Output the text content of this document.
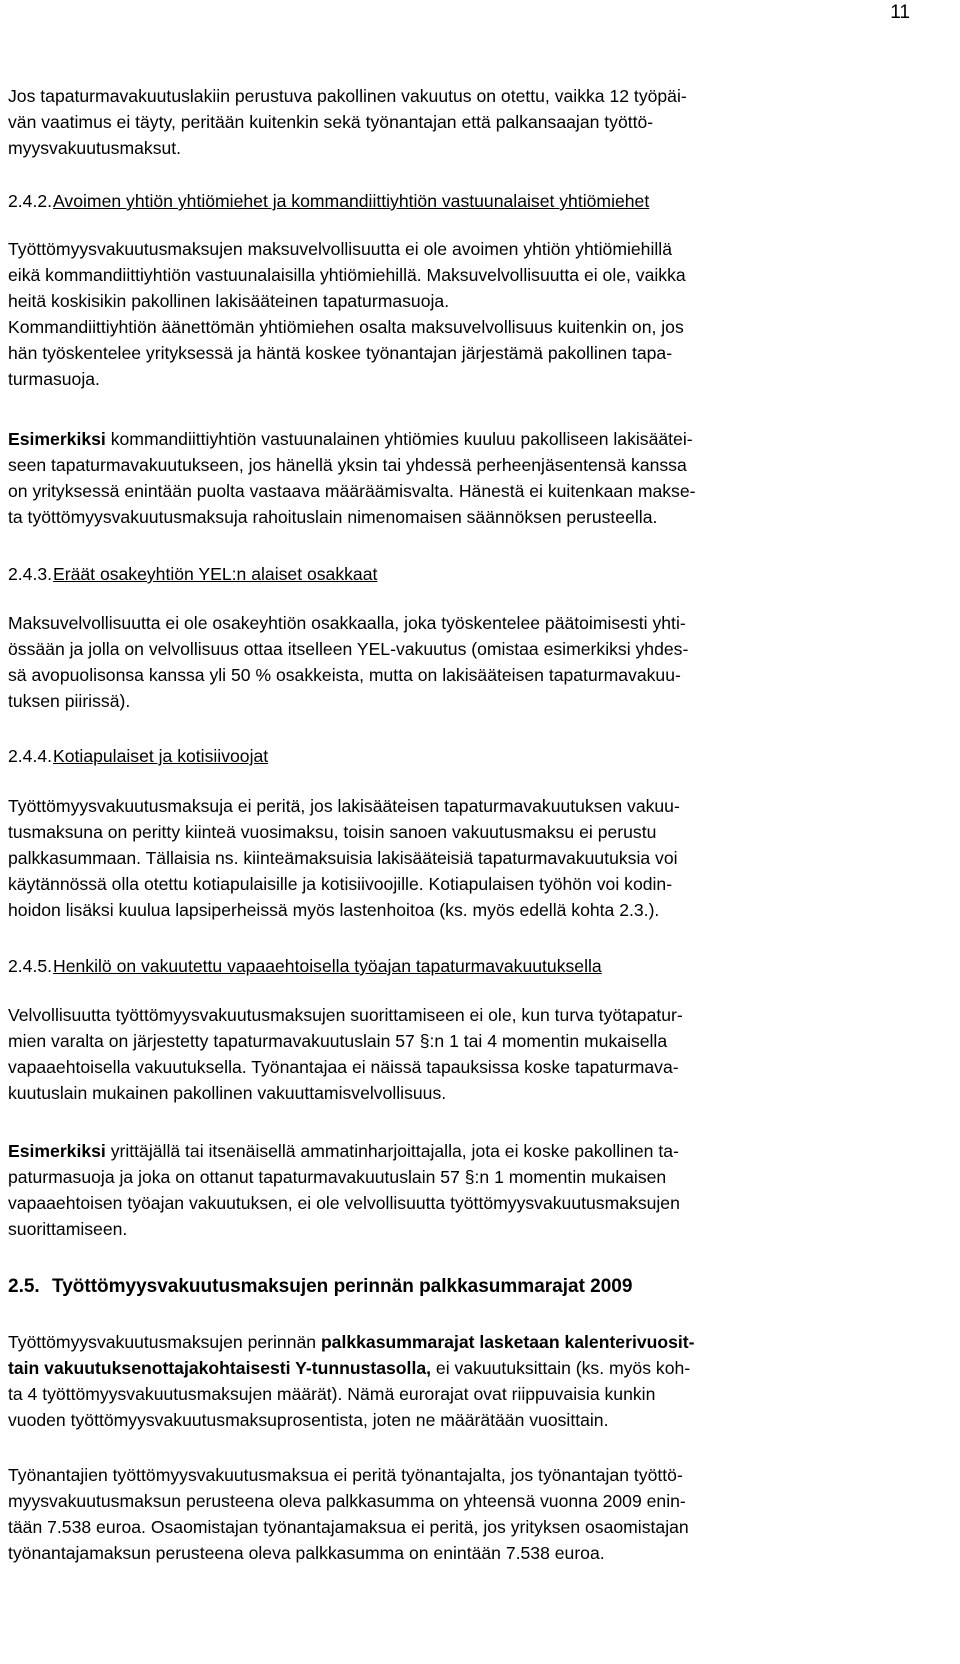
11
Jos tapaturmavakuutuslakiin perustuva pakollinen vakuutus on otettu, vaikka 12 työpäi-
vän vaatimus ei täyty, peritään kuitenkin sekä työnantajan että palkansaajan työttö-
myysvakuutusmaksut.
2.4.2.Avoimen yhtiön yhtiömiehet ja kommandiittiyhtiön vastuunalaiset yhtiömiehet
Työttömyysvakuutusmaksujen maksuvelvollisuutta ei ole avoimen yhtiön yhtiömiehillä
eikä kommandiittiyhtiön vastuunalaisilla yhtiömiehillä. Maksuvelvollisuutta ei ole, vaikka
heitä koskisikin pakollinen lakisääteinen tapaturmasuoja.
Kommandiittiyhtiön äänettömän yhtiömiehen osalta maksuvelvollisuus kuitenkin on, jos
hän työskentelee yrityksessä ja häntä koskee työnantajan järjestämä pakollinen tapa-
turmasuoja.
Esimerkiksi kommandiittiyhtiön vastuunalainen yhtiömies kuuluu pakolliseen lakisäätei-
seen tapaturmavakuutukseen, jos hänellä yksin tai yhdessä perheenjäsentensä kanssa
on yrityksessä enintään puolta vastaava määräämisvalta. Hänestä ei kuitenkaan makse-
ta työttömyysvakuutusmaksuja rahoituslain nimenomaisen säännöksen perusteella.
2.4.3.Eräät osakeyhtiön YEL:n alaiset osakkaat
Maksuvelvollisuutta ei ole osakeyhtiön osakkaalla, joka työskentelee päätoimisesti yhti-
össään ja jolla on velvollisuus ottaa itselleen YEL-vakuutus (omistaa esimerkiksi yhdes-
sä avopuolisonsa kanssa yli 50 % osakkeista, mutta on lakisääteisen tapaturmavakuu-
tuksen piirissä).
2.4.4.Kotiapulaiset ja kotisiivoojat
Työttömyysvakuutusmaksuja ei peritä, jos lakisääteisen tapaturmavakuutuksen vakuu-
tusmaksuna on peritty kiinteä vuosimaksu, toisin sanoen vakuutusmaksu ei perustu
palkkasummaan. Tällaisia ns. kiinteämaksuisia lakisääteisiä tapaturmavakuutuksia voi
käytännössä olla otettu kotiapulaisille ja kotisiivoojille. Kotiapulaisen työhön voi kodin-
hoidon lisäksi kuulua lapsiperheissä myös lastenhoitoa (ks. myös edellä kohta 2.3.).
2.4.5.Henkilö on vakuutettu vapaaehtoisella työajan tapaturmavakuutuksella
Velvollisuutta työttömyysvakuutusmaksujen suorittamiseen ei ole, kun turva työtapatur-
mien varalta on järjestetty tapaturmavakuutuslain 57 §:n 1 tai 4 momentin mukaisella
vapaaehtoisella vakuutuksella. Työnantajaa ei näissä tapauksissa koske tapaturmava-
kuutuslain mukainen pakollinen vakuuttamisvelvollisuus.
Esimerkiksi yrittäjällä tai itsenäisellä ammatinharjoittajalla, jota ei koske pakollinen ta-
paturmasuoja ja joka on ottanut tapaturmavakuutuslain 57 §:n 1 momentin mukaisen
vapaaehtoisen työajan vakuutuksen, ei ole velvollisuutta työttömyysvakuutusmaksujen
suorittamiseen.
2.5. Työttömyysvakuutusmaksujen perinnän palkkasummarajat 2009
Työttömyysvakuutusmaksujen perinnän palkkasummarajat lasketaan kalenterivuosit-
tain vakuutuksenottajakohtaisesti Y-tunnustasolla, ei vakuutuksittain (ks. myös koh-
ta 4 työttömyysvakuutusmaksujen määrät). Nämä eurorajat ovat riippuvaisia kunkin
vuoden työttömyysvakuutusmaksuprosentista, joten ne määrätään vuosittain.
Työnantajien työttömyysvakuutusmaksua ei peritä työnantajalta, jos työnantajan työttö-
myysvakuutusmaksun perusteena oleva palkkasumma on yhteensä vuonna 2009 enin-
tään 7.538 euroa. Osaomistajan työnantajamaksua ei peritä, jos yrityksen osaomistajan
työnantajamaksun perusteena oleva palkkasumma on enintään 7.538 euroa.
